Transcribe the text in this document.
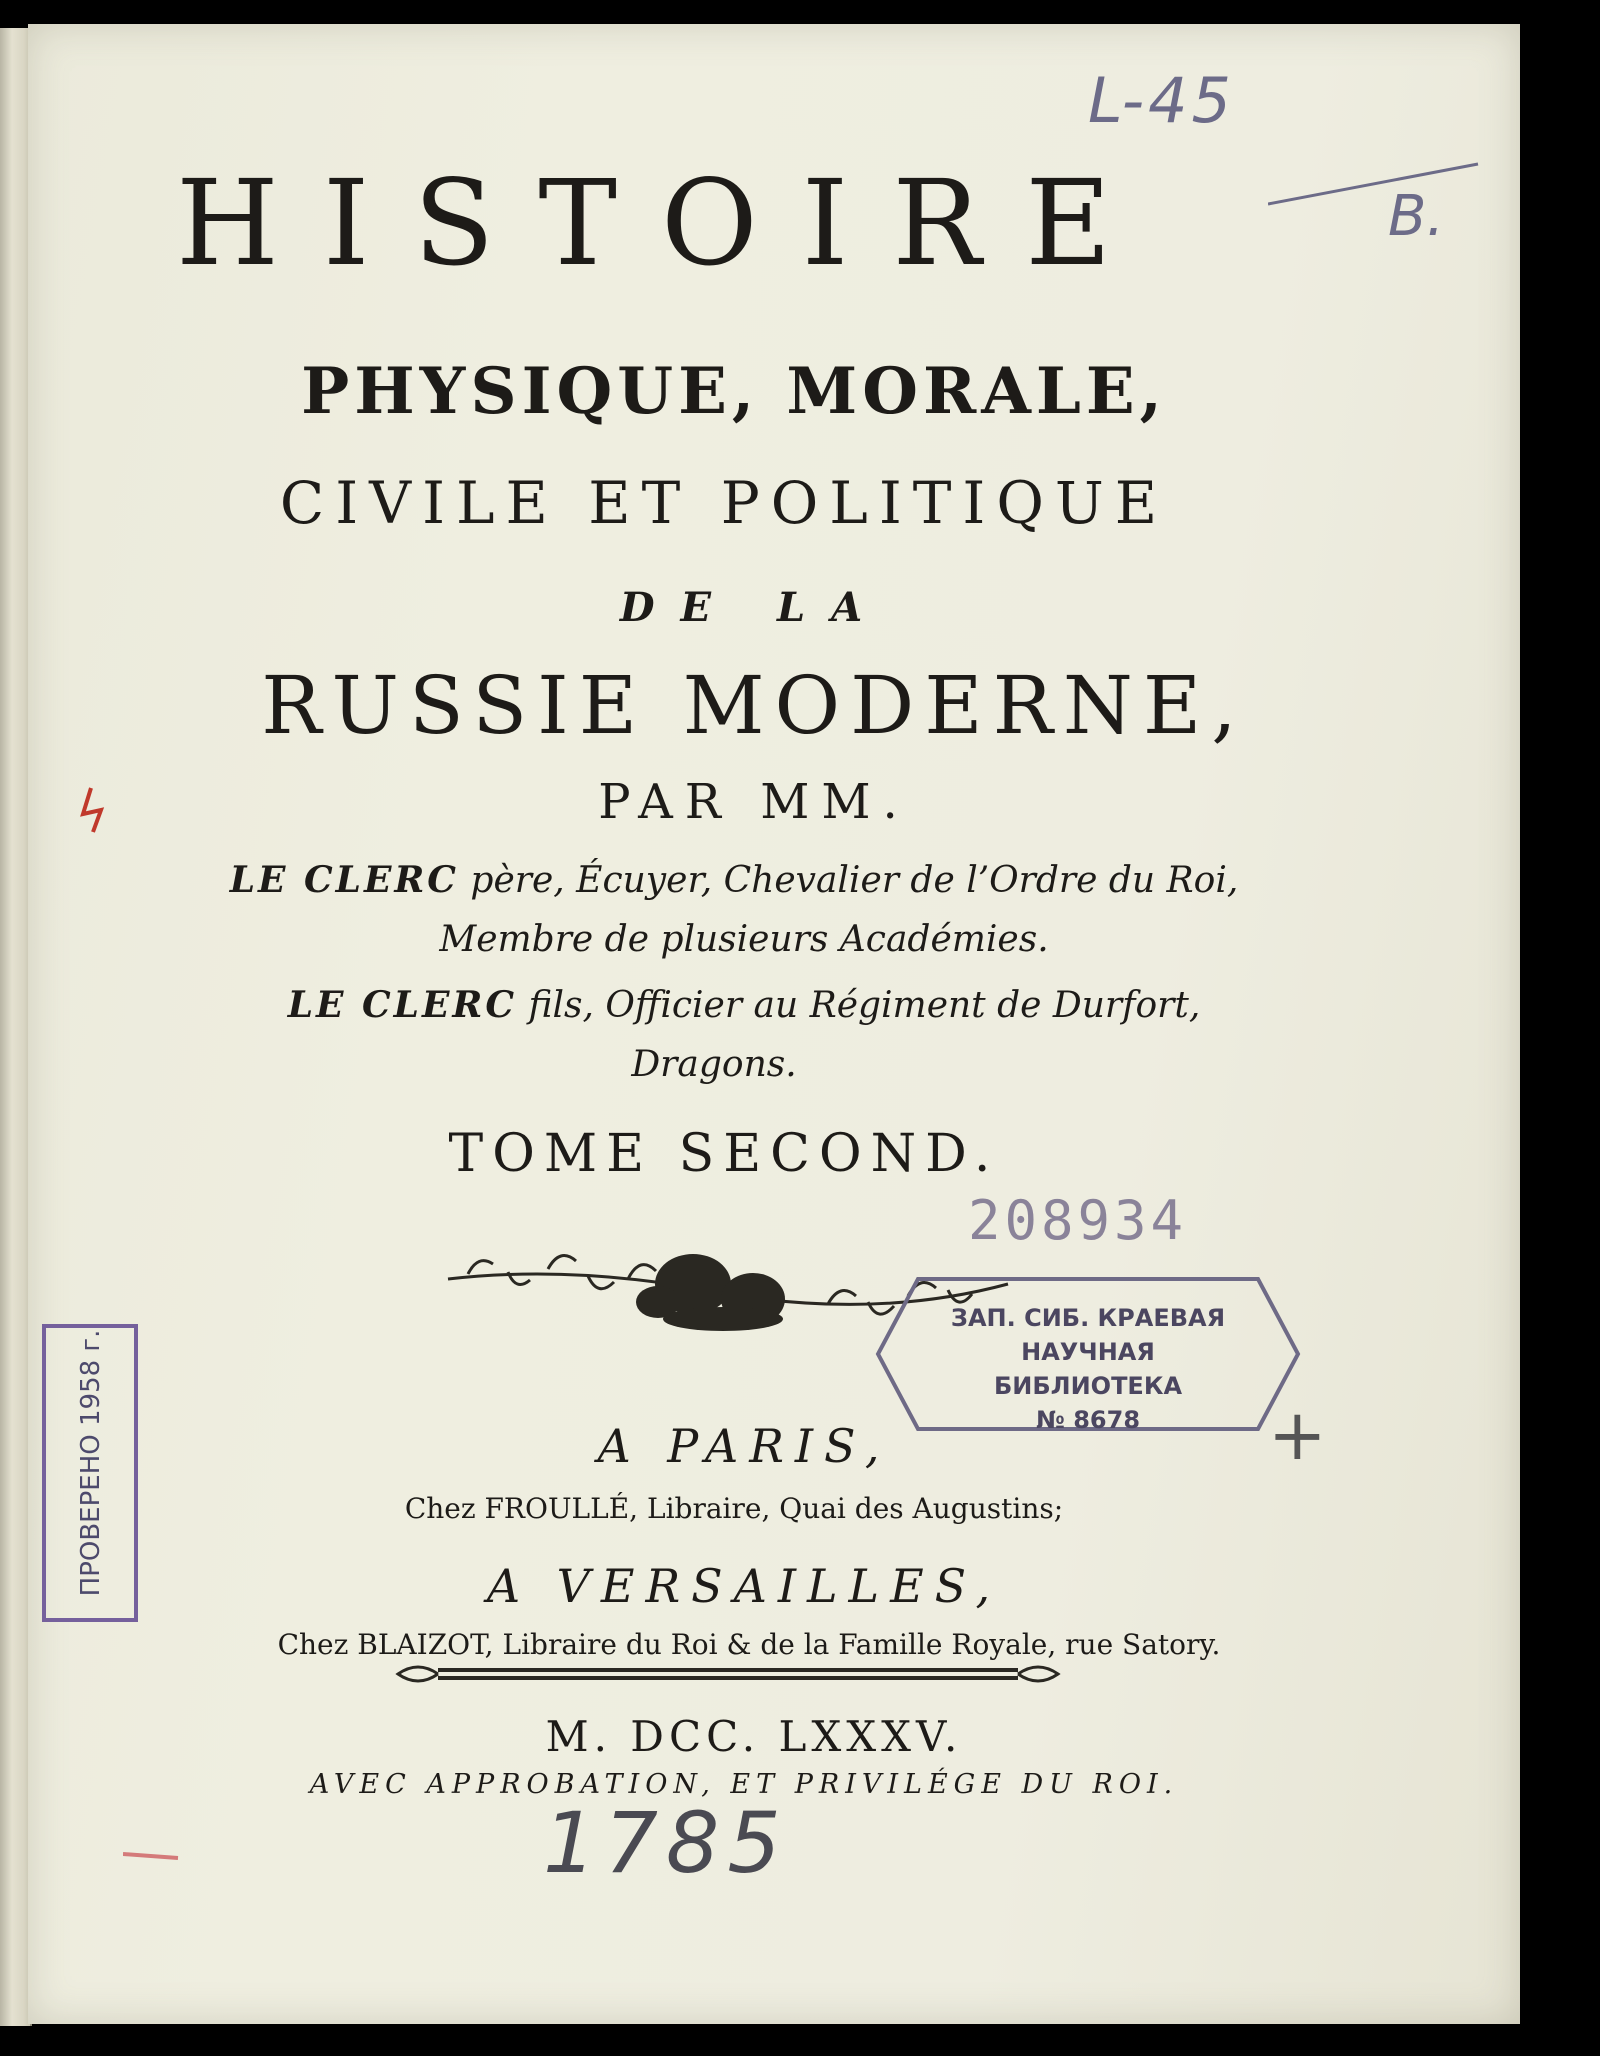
HISTOIRE
PHYSIQUE, MORALE,
CIVILE ET POLITIQUE
DE LA
RUSSIE MODERNE,
PAR MM.
LE CLERC père, Écuyer, Chevalier de l’Ordre du Roi,
Membre de plusieurs Académies.
LE CLERC fils, Officier au Régiment de Durfort,
Dragons.
TOME SECOND.
A PARIS,
Chez FROULLÉ, Libraire, Quai des Augustins;
A VERSAILLES,
Chez BLAIZOT, Libraire du Roi & de la Famille Royale, rue Satory.
M. DCC. LXXXV.
AVEC APPROBATION, ET PRIVILÉGE DU ROI.
L-45
B.
208934
ЗАП. СИБ. КРАЕВАЯ
НАУЧНАЯ БИБЛИОТЕКА
№ 8678	+
ПРОВЕРЕНО 1958 г.
1785
